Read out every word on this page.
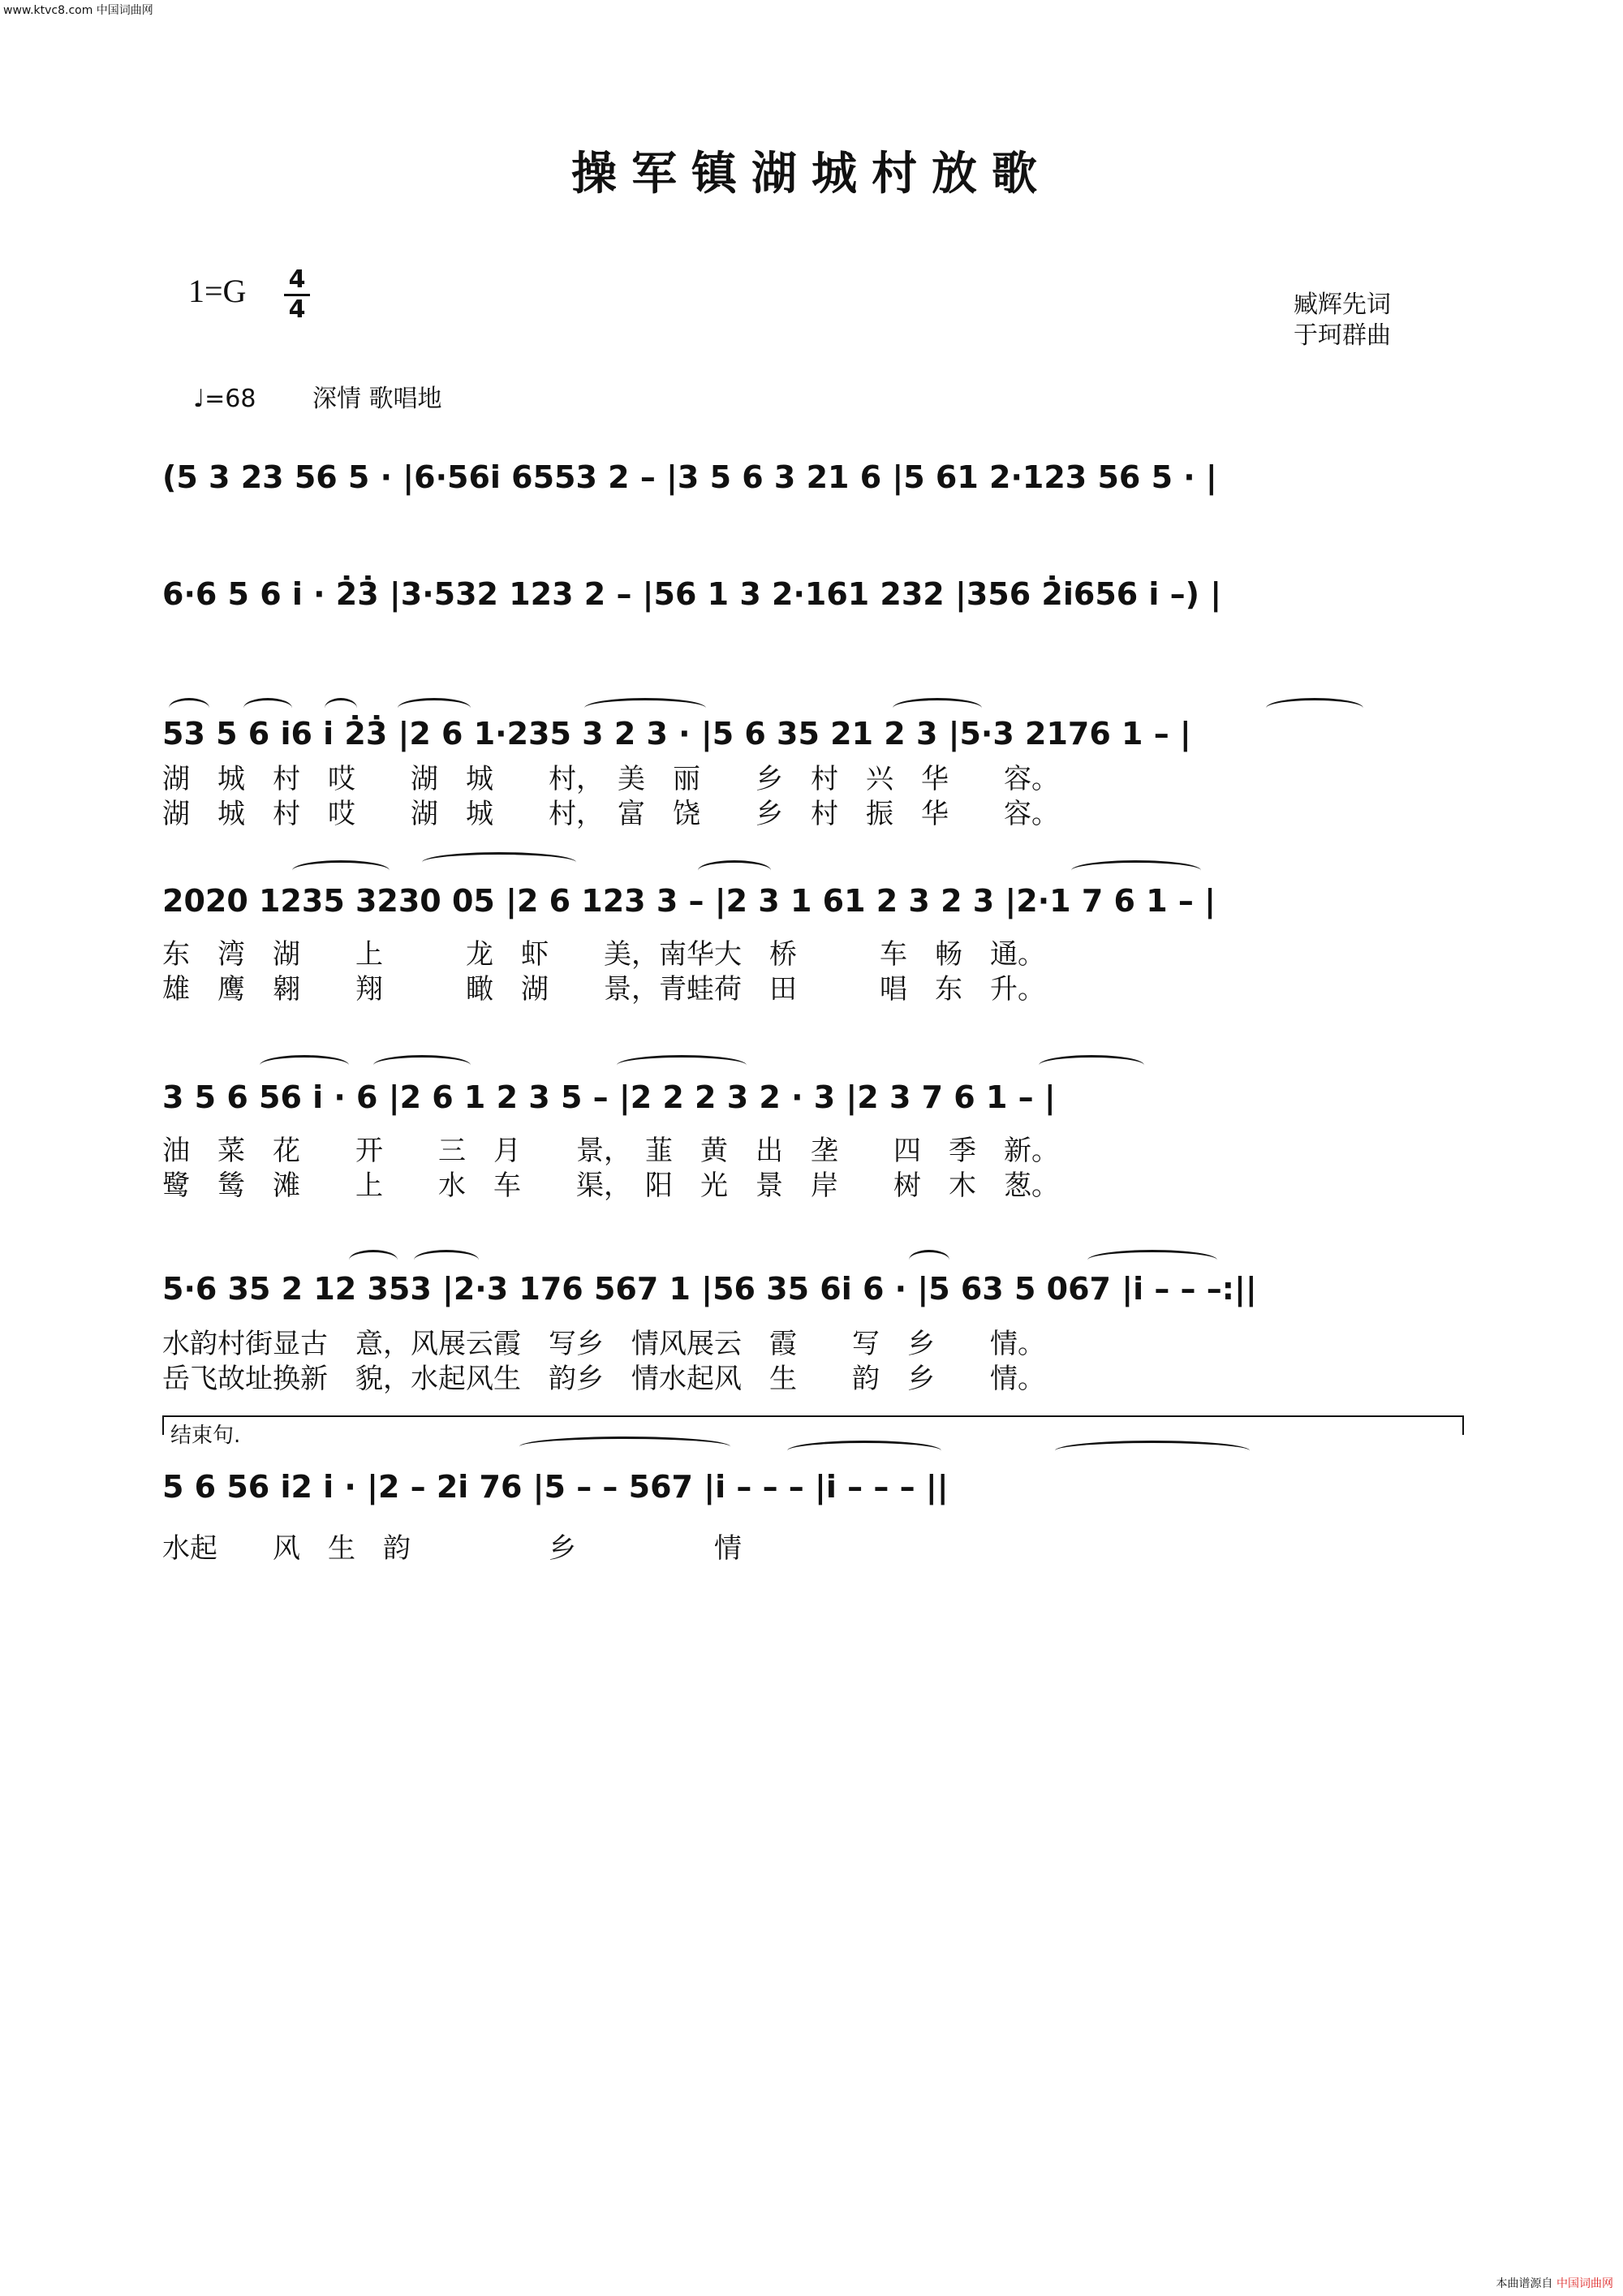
www.ktvc8.com 中国词曲网
操军镇湖城村放歌
1=G 4
4	臧辉先词
于珂群曲
♩=68 深情 歌唱地
(5 3 23 56 5 · |6·56i 6553 2 – |3 5 6 3 21 6 |5 61 2·123 56 5 · |
6·6 5 6 i · 2̇3̇ |3·532 123 2 – |56 1 3 2·161 232 |356 2̇i656 i –) |
53 5 6 i6 i 2̇3̇ |2 6 1·235 3 2 3 · |5 6 35 21 2 3 |5·3 2176 1 – |
湖　城　村　哎　　湖　城　　村，　美　丽　　乡　村　兴　华　　容。
湖　城　村　哎　　湖　城　　村，　富　饶　　乡　村　振　华　　容。
2020 1235 3230 05 |2 6 123 3 – |2 3 1 61 2 3 2 3 |2·1 7 6 1 – |
东　湾　湖　　上　　　龙　虾　　美，南华大　桥　　　车　畅　通。
雄　鹰　翱　　翔　　　瞰　湖　　景，青蛙荷　田　　　唱　东　升。
3 5 6 56 i · 6 |2 6 1 2 3 5 – |2 2 2 3 2 · 3 |2 3 7 6 1 – |
油　菜　花　　开　　三　月　　景，　韮　黄　出　垄　　四　季　新。
鹭　鸶　滩　　上　　水　车　　渠，　阳　光　景　岸　　树　木　葱。
5·6 35 2 12 353 |2·3 176 567 1 |56 35 6i 6 · |5 63 5 067 |i – – –:||
水韵村街显古　意，风展云霞　写乡　情风展云　霞　　写　乡　　情。
岳飞故址换新　貌，水起风生　韵乡　情水起风　生　　韵　乡　　情。
结束句.
5 6 56 i2 i · |2 – 2i 76 |5 – – 567 |i – – – |i – – – ||
水起　　风　生　韵　　　　　乡　　　　　情
本曲谱源自 中国词曲网
